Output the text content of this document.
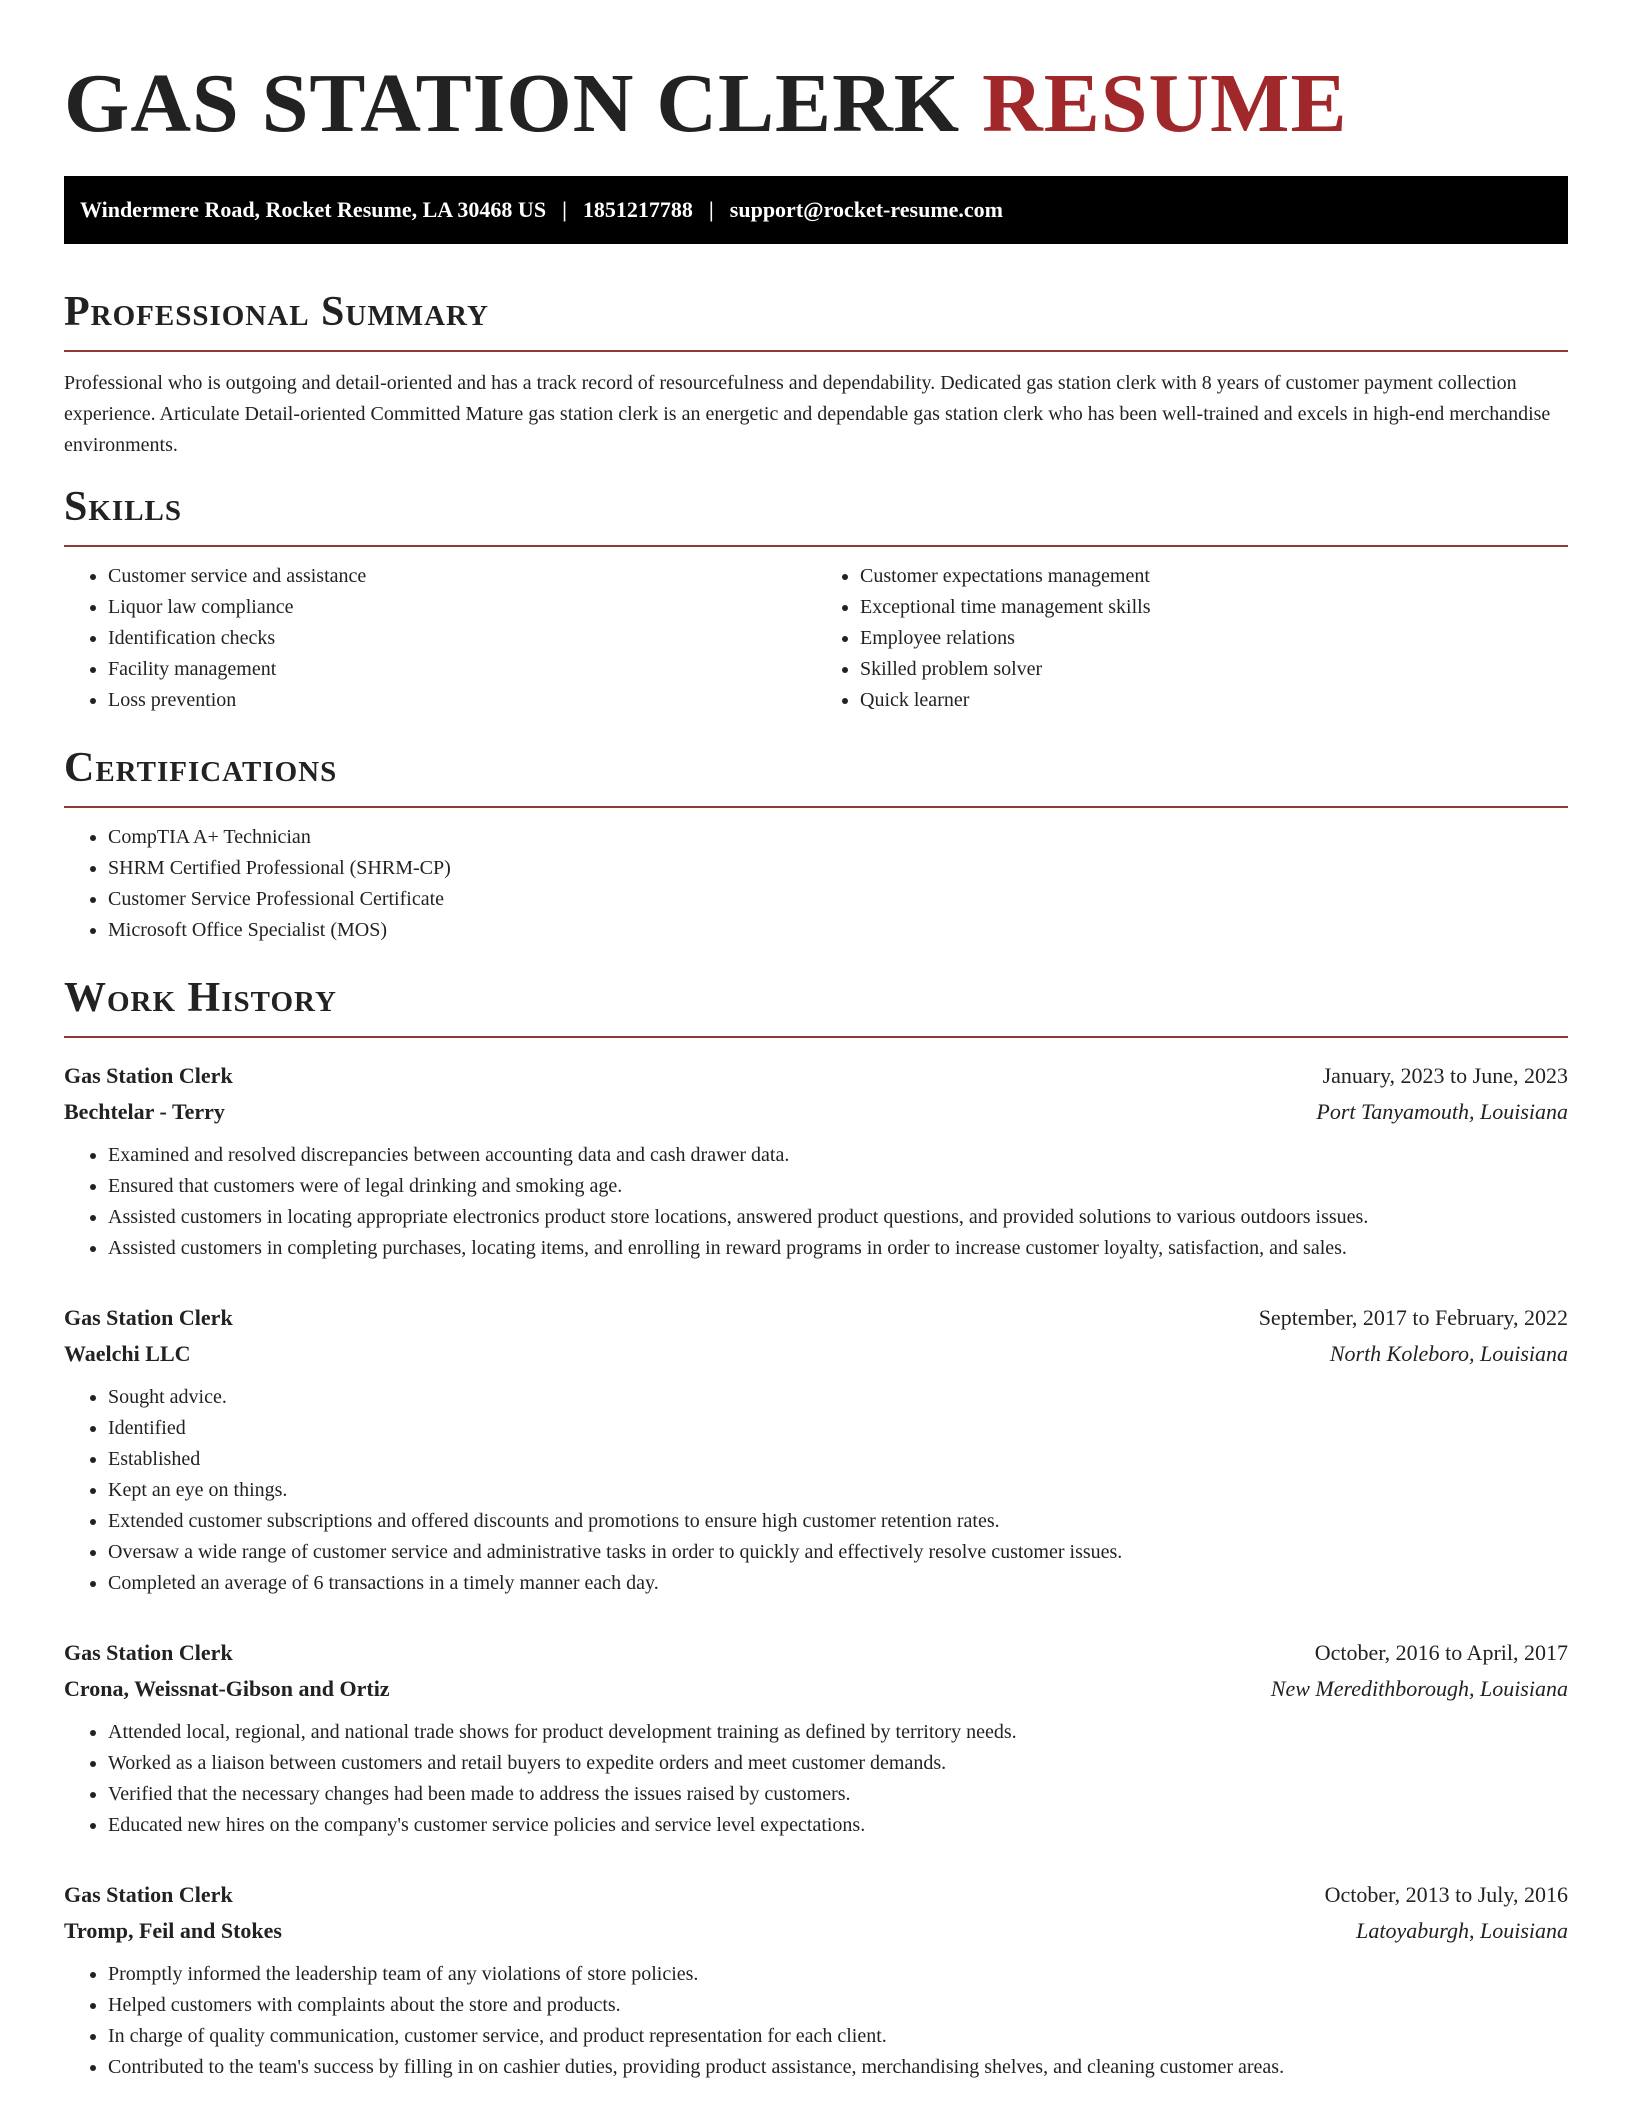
GAS STATION CLERK RESUME
Windermere Road, Rocket Resume, LA 30468 US | 1851217788 | support@rocket-resume.com
Professional Summary

Professional who is outgoing and detail-oriented and has a track record of resourcefulness and dependability. Dedicated gas station clerk with 8 years of customer payment collection experience. Articulate Detail-oriented Committed Mature gas station clerk is an energetic and dependable gas station clerk who has been well-trained and excels in high-end merchandise environments.

Skills
• Customer service and assistance
• Liquor law compliance
• Identification checks
• Facility management
• Loss prevention
• Customer expectations management
• Exceptional time management skills
• Employee relations
• Skilled problem solver
• Quick learner
Certifications
• CompTIA A+ Technician
• SHRM Certified Professional (SHRM-CP)
• Customer Service Professional Certificate
• Microsoft Office Specialist (MOS)
Work History
Gas Station Clerk	January, 2023 to June, 2023
Bechtelar - Terry	Port Tanyamouth, Louisiana
• Examined and resolved discrepancies between accounting data and cash drawer data.
• Ensured that customers were of legal drinking and smoking age.
• Assisted customers in locating appropriate electronics product store locations, answered product questions, and provided solutions to various outdoors issues.
• Assisted customers in completing purchases, locating items, and enrolling in reward programs in order to increase customer loyalty, satisfaction, and sales.
Gas Station Clerk	September, 2017 to February, 2022
Waelchi LLC	North Koleboro, Louisiana
• Sought advice.
• Identified
• Established
• Kept an eye on things.
• Extended customer subscriptions and offered discounts and promotions to ensure high customer retention rates.
• Oversaw a wide range of customer service and administrative tasks in order to quickly and effectively resolve customer issues.
• Completed an average of 6 transactions in a timely manner each day.
Gas Station Clerk	October, 2016 to April, 2017
Crona, Weissnat-Gibson and Ortiz	New Meredithborough, Louisiana
• Attended local, regional, and national trade shows for product development training as defined by territory needs.
• Worked as a liaison between customers and retail buyers to expedite orders and meet customer demands.
• Verified that the necessary changes had been made to address the issues raised by customers.
• Educated new hires on the company's customer service policies and service level expectations.
Gas Station Clerk	October, 2013 to July, 2016
Tromp, Feil and Stokes	Latoyaburgh, Louisiana
• Promptly informed the leadership team of any violations of store policies.
• Helped customers with complaints about the store and products.
• In charge of quality communication, customer service, and product representation for each client.
• Contributed to the team's success by filling in on cashier duties, providing product assistance, merchandising shelves, and cleaning customer areas.
